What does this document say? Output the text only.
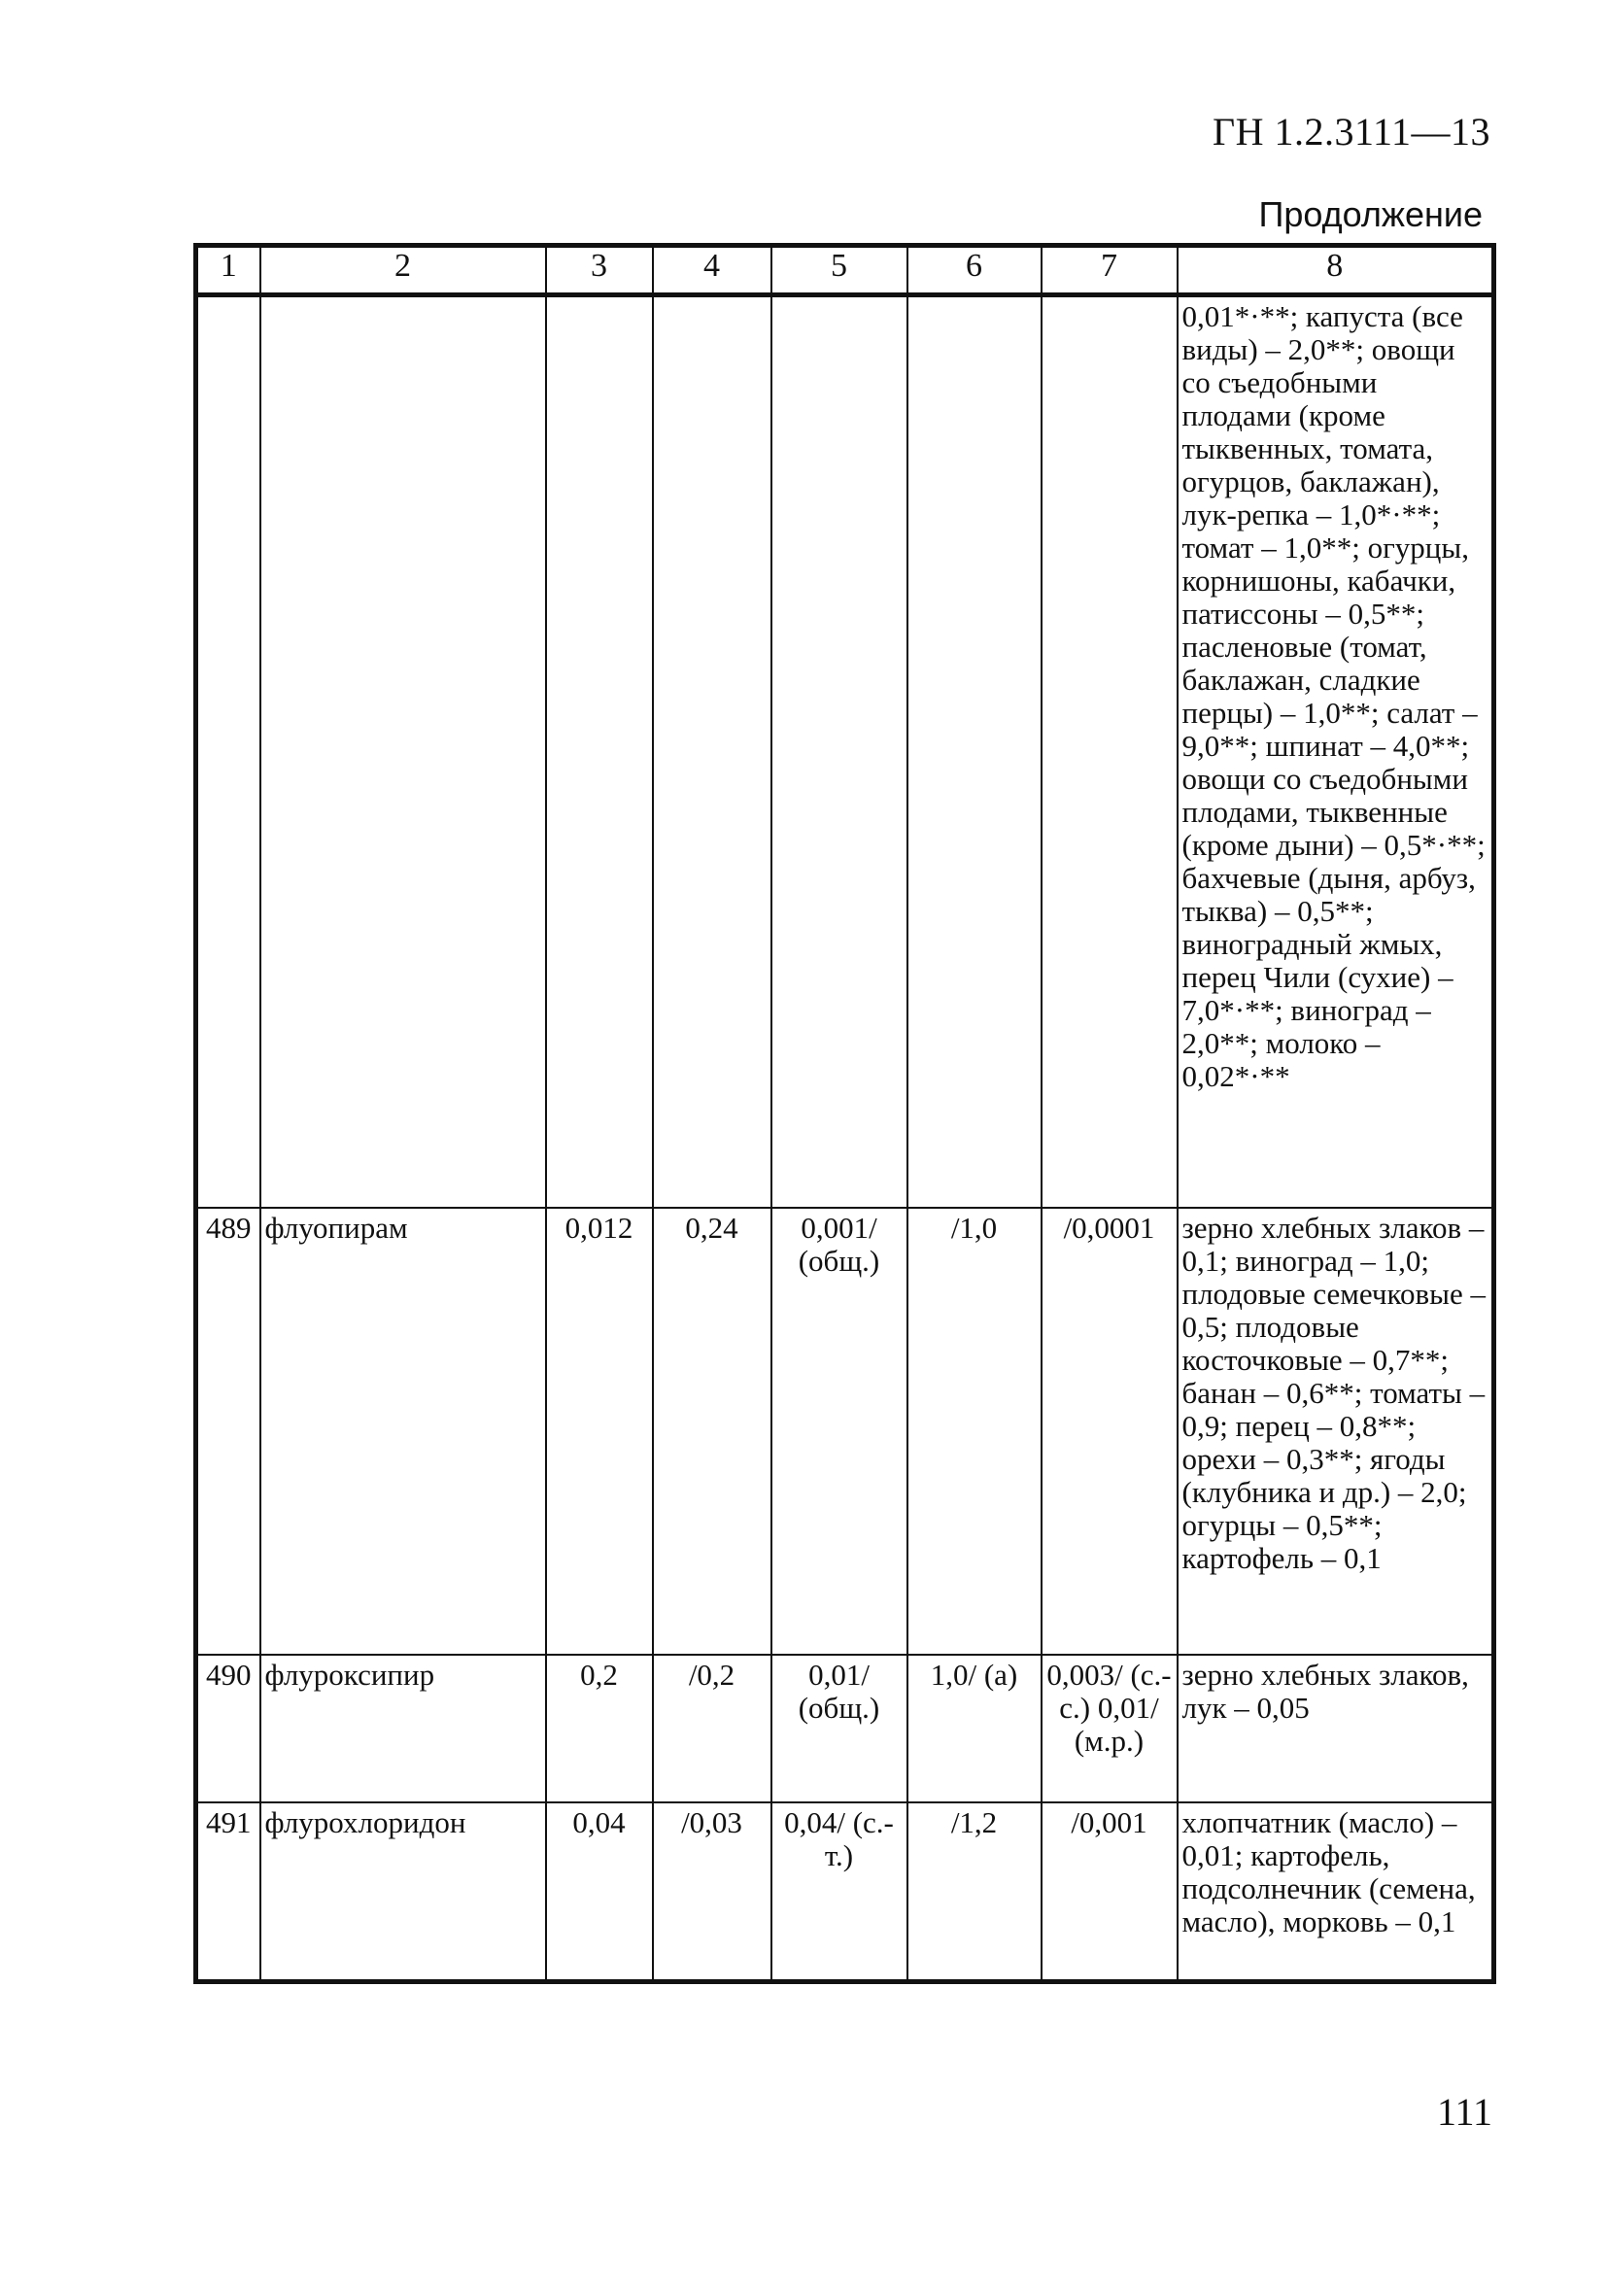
ГН 1.2.3111—13
Продолжение
1	2	3	4	5	6	7	8
							0,01*·**; капуста (все виды) – 2,0**; овощи со съедобными плодами (кроме тыквенных, томата, огурцов, баклажан), лук-репка – 1,0*·**; томат – 1,0**; огурцы, корнишоны, кабачки, патиссоны – 0,5**; пасленовые (томат, баклажан, сладкие перцы) – 1,0**; салат – 9,0**; шпинат – 4,0**; овощи со съедобными плодами, тыквенные (кроме дыни) – 0,5*·**; бахчевые (дыня, арбуз, тыква) – 0,5**; виноградный жмых, перец Чили (сухие) – 7,0*·**; виноград – 2,0**; молоко – 0,02*·**
489	флуопирам	0,012	0,24	0,001/ (общ.)	/1,0	/0,0001	зерно хлебных злаков – 0,1; виноград – 1,0; плодовые семечковые – 0,5; плодовые косточковые – 0,7**; банан – 0,6**; томаты – 0,9; перец – 0,8**; орехи – 0,3**; ягоды (клубника и др.) – 2,0; огурцы – 0,5**; картофель – 0,1
490	флуроксипир	0,2	/0,2	0,01/ (общ.)	1,0/ (а)	0,003/ (с.-с.) 0,01/ (м.р.)	зерно хлебных злаков, лук – 0,05
491	флурохлоридон	0,04	/0,03	0,04/ (с.-т.)	/1,2	/0,001	хлопчатник (масло) – 0,01; картофель, подсолнечник (семена, масло), морковь – 0,1
111
